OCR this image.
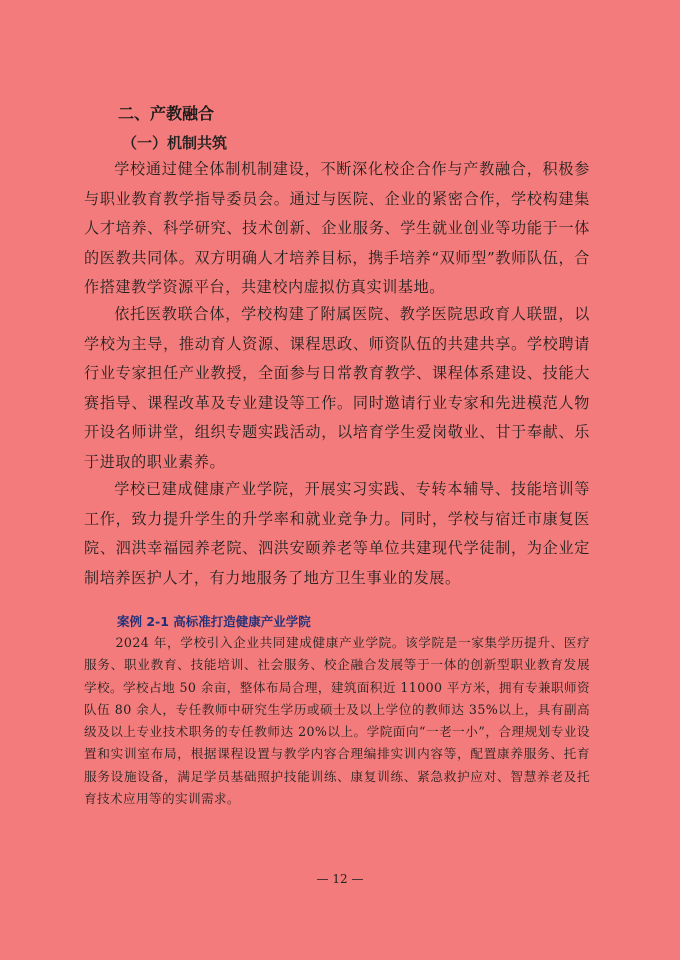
二、产教融合
（一）机制共筑

学校通过健全体制机制建设，不断深化校企合作与产教融合，积极参与职业教育教学指导委员会。通过与医院、企业的紧密合作，学校构建集人才培养、科学研究、技术创新、企业服务、学生就业创业等功能于一体的医教共同体。双方明确人才培养目标，携手培养“双师型”教师队伍，合作搭建教学资源平台，共建校内虚拟仿真实训基地。

依托医教联合体，学校构建了附属医院、教学医院思政育人联盟，以学校为主导，推动育人资源、课程思政、师资队伍的共建共享。学校聘请行业专家担任产业教授，全面参与日常教育教学、课程体系建设、技能大赛指导、课程改革及专业建设等工作。同时邀请行业专家和先进模范人物开设名师讲堂，组织专题实践活动，以培育学生爱岗敬业、甘于奉献、乐于进取的职业素养。

学校已建成健康产业学院，开展实习实践、专转本辅导、技能培训等工作，致力提升学生的升学率和就业竞争力。同时，学校与宿迁市康复医院、泗洪幸福园养老院、泗洪安颐养老等单位共建现代学徒制，为企业定制培养医护人才，有力地服务了地方卫生事业的发展。

案例 2-1 高标准打造健康产业学院

2024 年，学校引入企业共同建成健康产业学院。该学院是一家集学历提升、医疗服务、职业教育、技能培训、社会服务、校企融合发展等于一体的创新型职业教育发展学校。学校占地 50 余亩，整体布局合理，建筑面积近 11000 平方米，拥有专兼职师资队伍 80 余人，专任教师中研究生学历或硕士及以上学位的教师达 35%以上，具有副高级及以上专业技术职务的专任教师达 20%以上。学院面向“一老一小”，合理规划专业设置和实训室布局，根据课程设置与教学内容合理编排实训内容等，配置康养服务、托育服务设施设备，满足学员基础照护技能训练、康复训练、紧急救护应对、智慧养老及托育技术应用等的实训需求。

— 12 —
